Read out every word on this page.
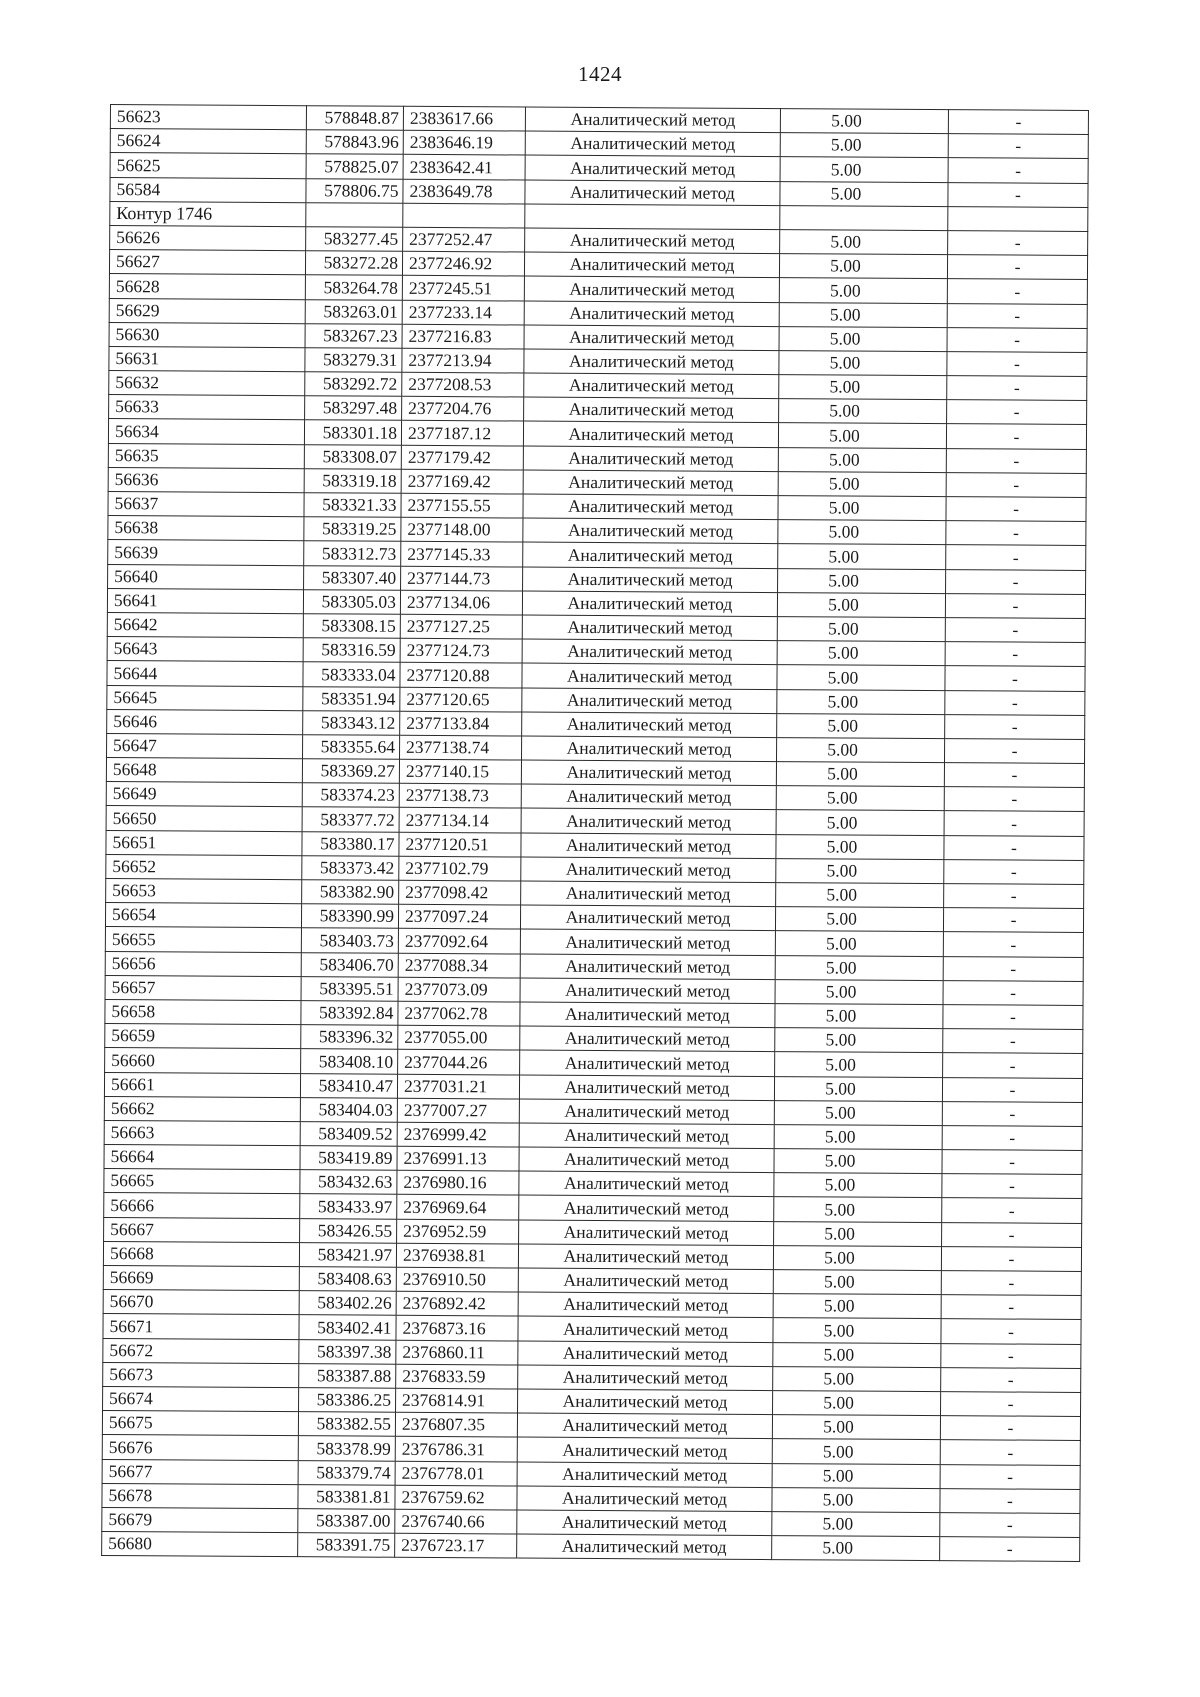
1424
56623	578848.87	2383617.66	Аналитический метод	5.00	-
56624	578843.96	2383646.19	Аналитический метод	5.00	-
56625	578825.07	2383642.41	Аналитический метод	5.00	-
56584	578806.75	2383649.78	Аналитический метод	5.00	-
Контур 1746					
56626	583277.45	2377252.47	Аналитический метод	5.00	-
56627	583272.28	2377246.92	Аналитический метод	5.00	-
56628	583264.78	2377245.51	Аналитический метод	5.00	-
56629	583263.01	2377233.14	Аналитический метод	5.00	-
56630	583267.23	2377216.83	Аналитический метод	5.00	-
56631	583279.31	2377213.94	Аналитический метод	5.00	-
56632	583292.72	2377208.53	Аналитический метод	5.00	-
56633	583297.48	2377204.76	Аналитический метод	5.00	-
56634	583301.18	2377187.12	Аналитический метод	5.00	-
56635	583308.07	2377179.42	Аналитический метод	5.00	-
56636	583319.18	2377169.42	Аналитический метод	5.00	-
56637	583321.33	2377155.55	Аналитический метод	5.00	-
56638	583319.25	2377148.00	Аналитический метод	5.00	-
56639	583312.73	2377145.33	Аналитический метод	5.00	-
56640	583307.40	2377144.73	Аналитический метод	5.00	-
56641	583305.03	2377134.06	Аналитический метод	5.00	-
56642	583308.15	2377127.25	Аналитический метод	5.00	-
56643	583316.59	2377124.73	Аналитический метод	5.00	-
56644	583333.04	2377120.88	Аналитический метод	5.00	-
56645	583351.94	2377120.65	Аналитический метод	5.00	-
56646	583343.12	2377133.84	Аналитический метод	5.00	-
56647	583355.64	2377138.74	Аналитический метод	5.00	-
56648	583369.27	2377140.15	Аналитический метод	5.00	-
56649	583374.23	2377138.73	Аналитический метод	5.00	-
56650	583377.72	2377134.14	Аналитический метод	5.00	-
56651	583380.17	2377120.51	Аналитический метод	5.00	-
56652	583373.42	2377102.79	Аналитический метод	5.00	-
56653	583382.90	2377098.42	Аналитический метод	5.00	-
56654	583390.99	2377097.24	Аналитический метод	5.00	-
56655	583403.73	2377092.64	Аналитический метод	5.00	-
56656	583406.70	2377088.34	Аналитический метод	5.00	-
56657	583395.51	2377073.09	Аналитический метод	5.00	-
56658	583392.84	2377062.78	Аналитический метод	5.00	-
56659	583396.32	2377055.00	Аналитический метод	5.00	-
56660	583408.10	2377044.26	Аналитический метод	5.00	-
56661	583410.47	2377031.21	Аналитический метод	5.00	-
56662	583404.03	2377007.27	Аналитический метод	5.00	-
56663	583409.52	2376999.42	Аналитический метод	5.00	-
56664	583419.89	2376991.13	Аналитический метод	5.00	-
56665	583432.63	2376980.16	Аналитический метод	5.00	-
56666	583433.97	2376969.64	Аналитический метод	5.00	-
56667	583426.55	2376952.59	Аналитический метод	5.00	-
56668	583421.97	2376938.81	Аналитический метод	5.00	-
56669	583408.63	2376910.50	Аналитический метод	5.00	-
56670	583402.26	2376892.42	Аналитический метод	5.00	-
56671	583402.41	2376873.16	Аналитический метод	5.00	-
56672	583397.38	2376860.11	Аналитический метод	5.00	-
56673	583387.88	2376833.59	Аналитический метод	5.00	-
56674	583386.25	2376814.91	Аналитический метод	5.00	-
56675	583382.55	2376807.35	Аналитический метод	5.00	-
56676	583378.99	2376786.31	Аналитический метод	5.00	-
56677	583379.74	2376778.01	Аналитический метод	5.00	-
56678	583381.81	2376759.62	Аналитический метод	5.00	-
56679	583387.00	2376740.66	Аналитический метод	5.00	-
56680	583391.75	2376723.17	Аналитический метод	5.00	-
